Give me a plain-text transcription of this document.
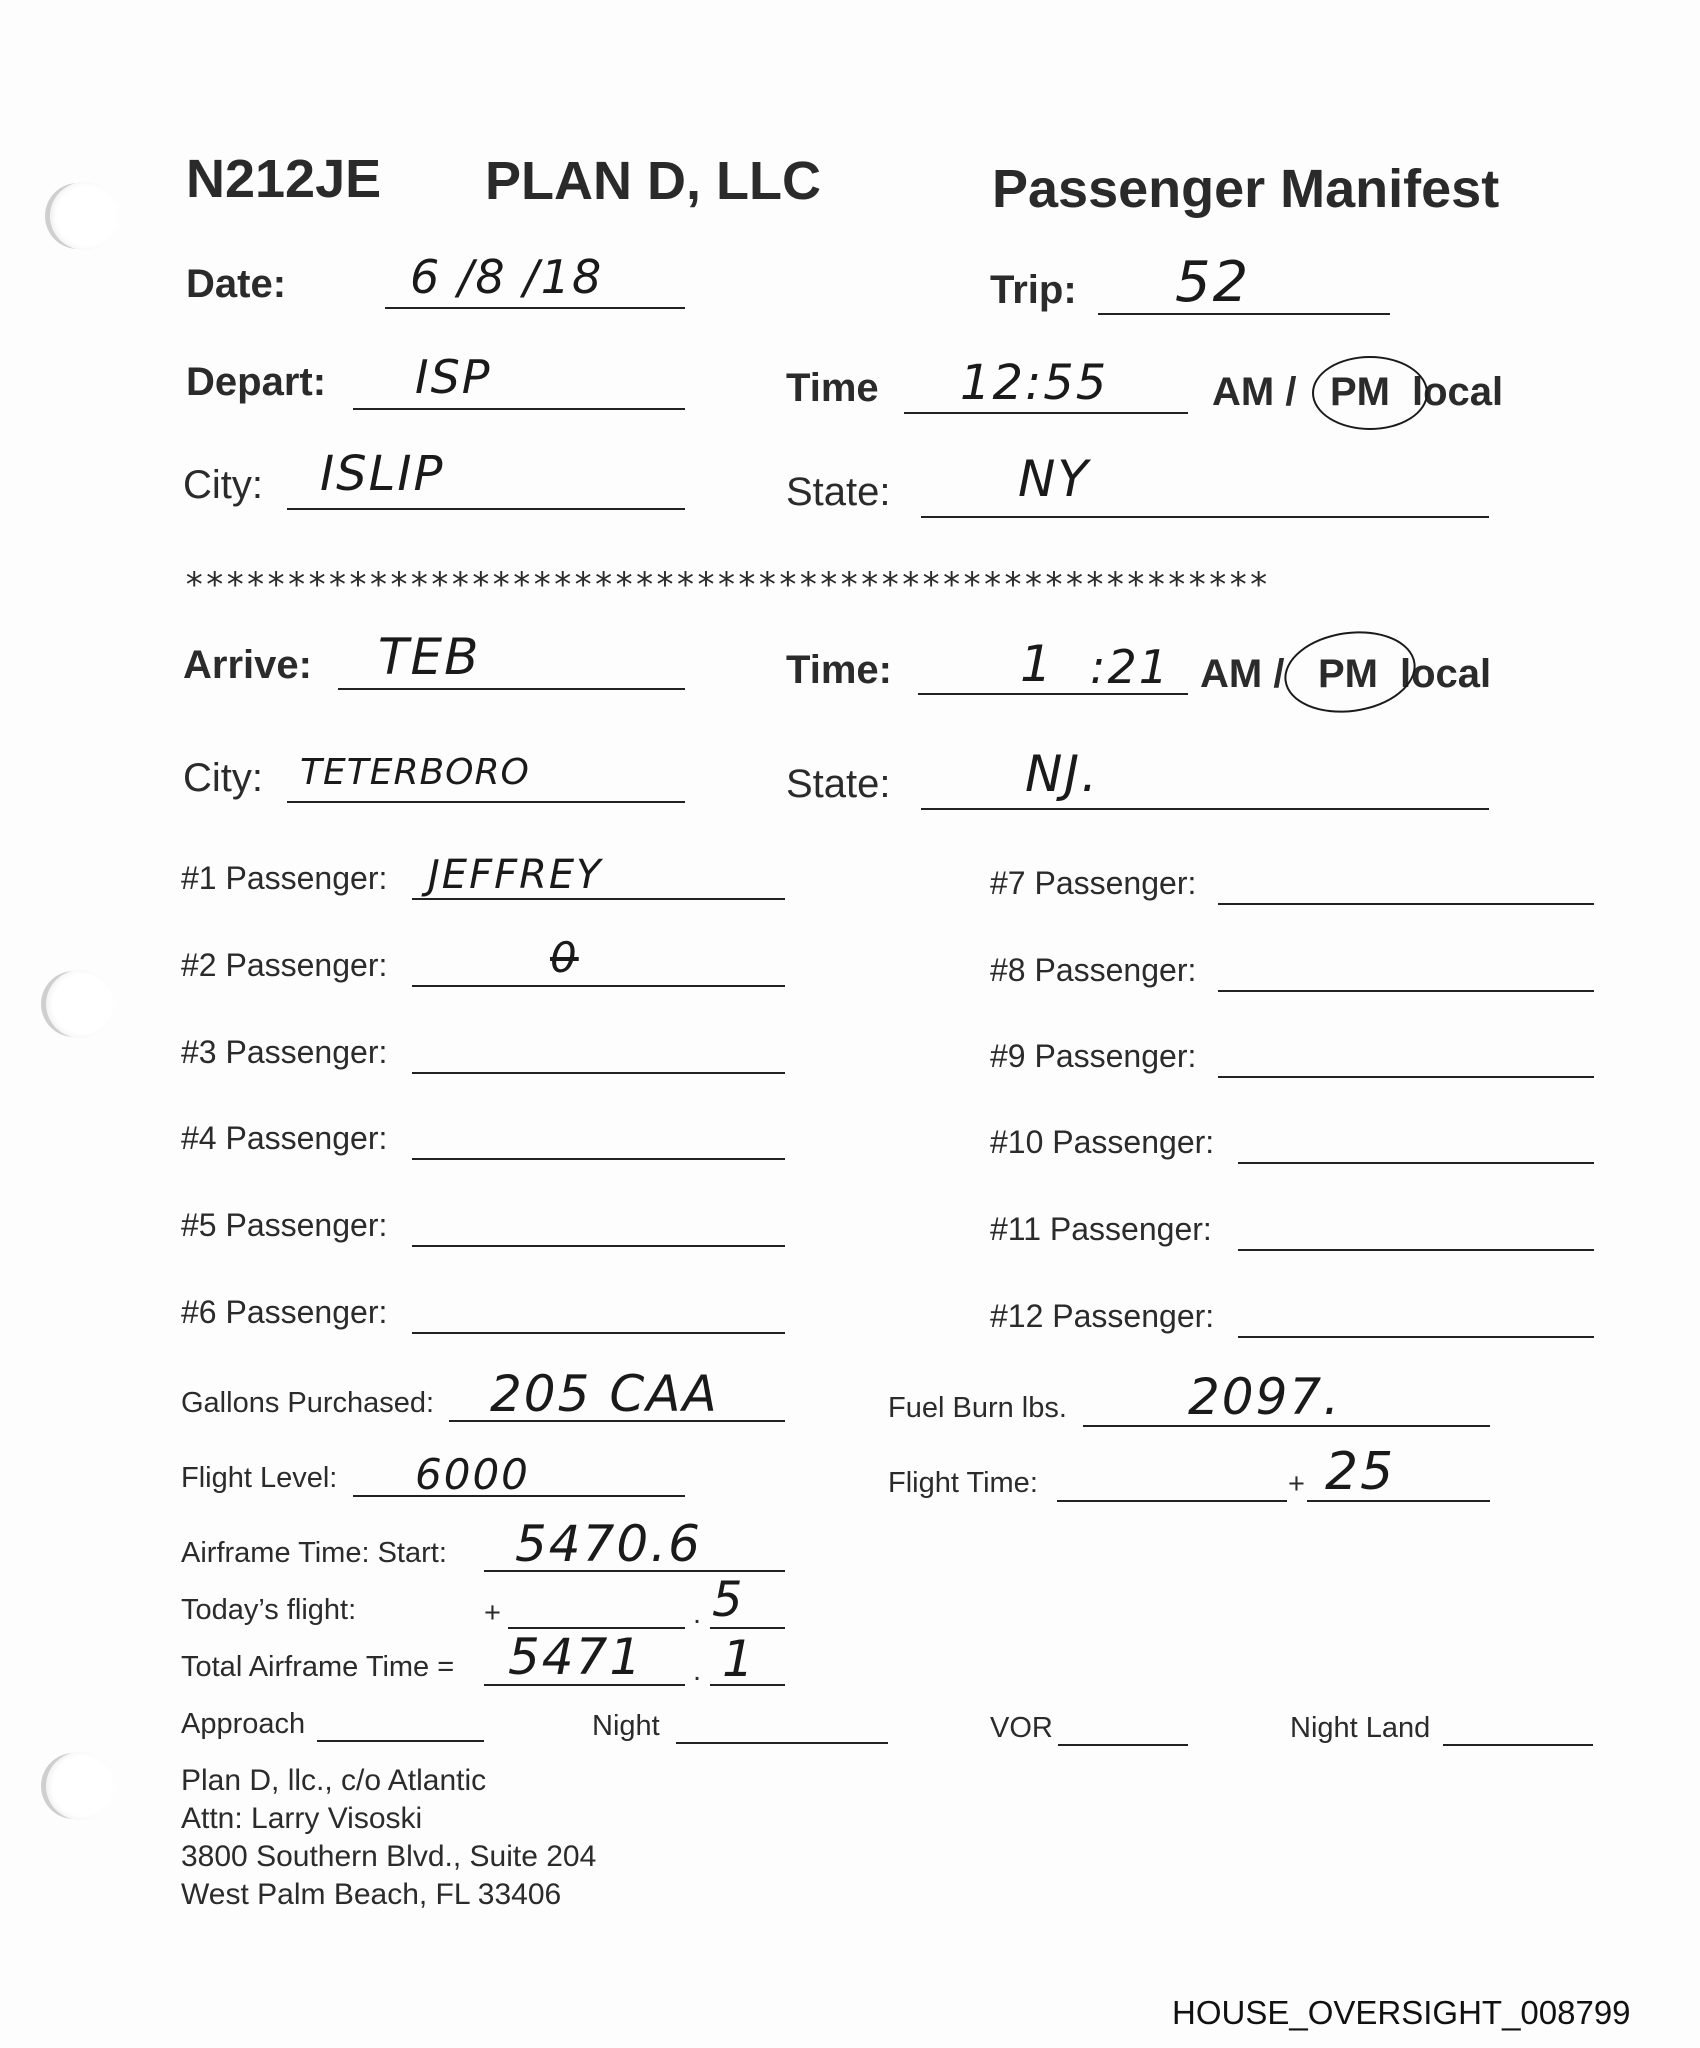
N212JE PLAN D, LLC	Passenger Manifest
Date:	6 /8 /18	Trip: 52
Depart: ISP	Time 12:55	AM / PM local
City: ISLIP	State:	NY
*****************************************************
Arrive: TEB	Time:	1 :21 AM / PM local
City: TETERBORO	State:	NJ.
#1 Passenger: JEFFREY
#2 Passenger:	0
#3 Passenger:
#4 Passenger:
#5 Passenger:
#6 Passenger:
#7 Passenger:
#8 Passenger:
#9 Passenger:
#10 Passenger:
#11 Passenger:
#12 Passenger:
Gallons Purchased: 205 CAA	Fuel Burn lbs. 2097.
Flight Level: 6000	Flight Time:	+ 25
Airframe Time: Start: 5470.6
Today’s flight:	+	. 5
Total Airframe Time = 5471 . 1
Approach	Night	VOR	Night Land
Plan D, llc., c/o Atlantic
Attn: Larry Visoski
3800 Southern Blvd., Suite 204
West Palm Beach, FL 33406
HOUSE_OVERSIGHT_008799
